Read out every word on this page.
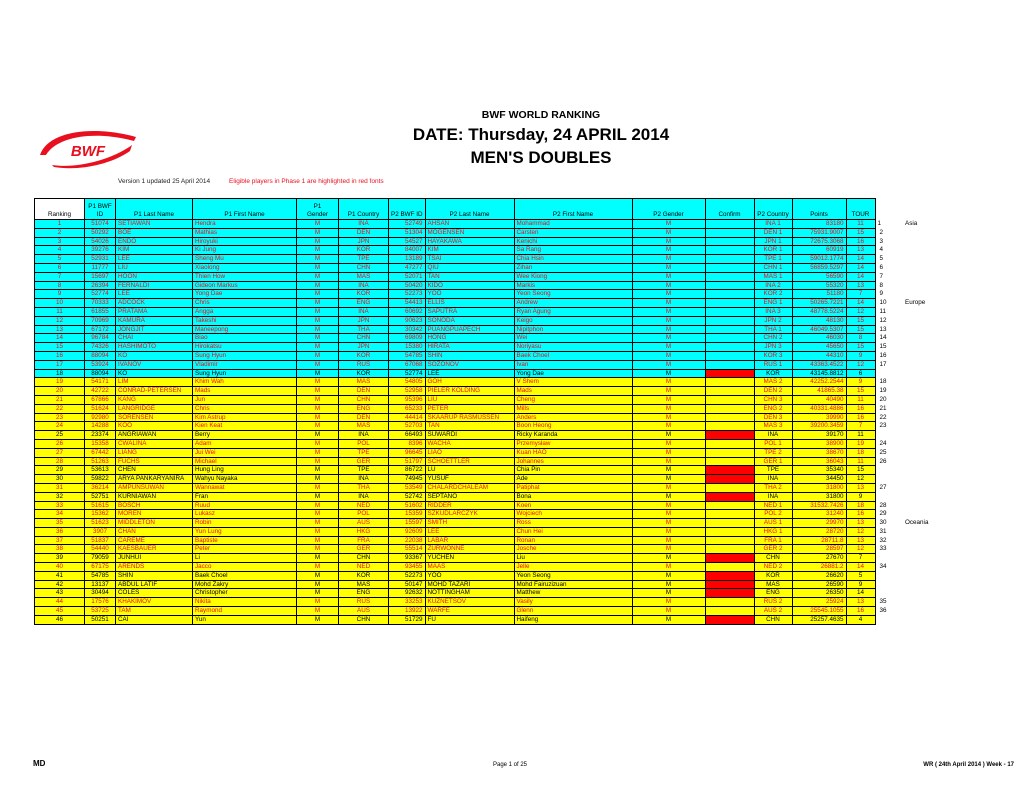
BWF
BWF WORLD RANKING
DATE: Thursday, 24 APRIL 2014
MEN'S DOUBLES
Version 1 updated 25 April 2014	Eligible players in Phase 1 are highlighted in red fonts
Ranking	P1 BWF
ID	P1 Last Name	P1 First Name	P1
Gender	P1 Country	P2 BWF ID	P2 Last Name	P2 First Name	P2 Gender	Confirm	P2 Country	Points	TOUR		
1	51074	SETIAWAN	Hendra	M	INA	52749	AHSAN	Mohammad	M		INA 1	83180	11	1	Asia
2	50292	BOE	Mathias	M	DEN	51304	MOGENSEN	Carsten	M		DEN 1	75931.9007	15	2	
3	54026	ENDO	Hiroyuki	M	JPN	54527	HAYAKAWA	Kenichi	M		JPN 1	72675.3068	16	3	
4	39276	KIM	Ki Jung	M	KOR	84007	KIM	Sa Rang	M		KOR 1	60919	13	4	
5	52931	LEE	Sheng Mu	M	TPE	13189	TSAI	Chia Hsin	M		TPE 1	59012.1774	14	5	
6	11777	LIU	Xiaolong	M	CHN	47277	QIU	Zihan	M		CHN 1	56859.5297	14	6	
7	15697	HOON	Thien How	M	MAS	52071	TAN	Wee Kiong	M		MAS 1	56590	14	7	
8	26394	FERNALDI	Gideon Markus	M	INA	50420	KIDO	Markis	M		INA 2	55320	13	8	
9	52774	LEE	Yong Dae	M	KOR	52273	YOO	Yeon Seong	M		KOR 2	51180	7	9	
10	70333	ADCOCK	Chris	M	ENG	54413	ELLIS	Andrew	M		ENG 1	50265.7221	14	10	Europe
11	61855	PRATAMA	Angga	M	INA	60692	SAPUTRA	Ryan Agung	M		INA 3	48778.5224	12	11	
12	70969	KAMURA	Takeshi	M	JPN	90623	SONODA	Keigo	M		JPN 2	48130	15	12	
13	67172	JONGJIT	Maneepong	M	THA	30342	PUANGPUAPECH	Nipitphon	M		THA 1	46049.5307	15	13	
14	96784	CHAI	Biao	M	CHN	69809	HONG	Wei	M		CHN 2	46030	8	14	
15	74326	HASHIMOTO	Hirokatsu	M	JPN	15380	HIRATA	Noriyasu	M		JPN 3	45650	15	15	
16	88094	KO	Sung Hyun	M	KOR	54785	SHIN	Baek Choel	M		KOR 3	44310	9	16	
17	53924	IVANOV	Vladimir	M	RUS	67068	SOZONOV	Ivan	M		RUS 1	43363.4522	12	17	
18	88094	KO	Sung Hyun	M	KOR	52774	LEE	Yong Dae	M		KOR	43145.8812	6		
19	54171	LIM	Khim Wah	M	MAS	54805	GOH	V Shem	M		MAS 2	42252.2544	9	18	
20	42722	CONRAD-PETERSEN	Mads	M	DEN	52958	PIELER KOLDING	Mads	M		DEN 2	41865.38	15	19	
21	67866	KANG	Jun	M	CHN	95396	LIU	Cheng	M		CHN 3	40490	11	20	
22	51624	LANGRIDGE	Chris	M	ENG	65233	PETER	Mills	M		ENG 2	40331.4886	16	21	
23	92980	SORENSEN	Kim Astrup	M	DEN	44414	SKAARUP RASMUSSEN	Anders	M		DEN 3	39990	16	22	
24	14288	KOO	Kien Keat	M	MAS	52703	TAN	Boon Heong	M		MAS 3	39200.3459	7	23	
25	23374	ANGRIAWAN	Berry	M	INA	66493	SUWARDI	Ricky Karanda	M		INA	39170	11		
26	15358	CWALINA	Adam	M	POL	8396	WACHA	Przemysław	M		POL 1	38900	19	24	
27	67442	LIANG	Jui Wei	M	TPE	96645	LIAO	Kuan HAO	M		TPE 2	38670	18	25	
28	51263	FUCHS	Michael	M	GER	51797	SCHOETTLER	Johannes	M		GER 1	36043	11	26	
29	53613	CHEN	Hung Ling	M	TPE	86722	LU	Chia Pin	M		TPE	35340	15		
30	59822	ARYA PANKARYANIRA	Wahyu Nayaka	M	INA	74945	YUSUF	Ade	M		INA	34450	12		
31	36214	AMPUNSUWAN	Wannawat	M	THA	53549	CHALARDCHALEAM	Patiphat	M		THA 2	31800	13	27	
32	52751	KURNIAWAN	Fran	M	INA	52742	SEPTANO	Bona	M		INA	31800	9		
33	51615	BOSCH	Ruud	M	NED	51602	RIDDER	Koen	M		NED 1	31532.7426	18	28	
34	15362	MOREN	Lukasz	M	POL	15359	SZKUDLARCZYK	Wojciech	M		POL 2	31240	16	29	
35	51623	MIDDLETON	Robin	M	AUS	15597	SMITH	Ross	M		AUS 1	29970	13	30	Oceania
36	3907	CHAN	Yun Lung	M	HKG	92609	LEE	Chun Hei	M		HKG 1	28720	12	31	
37	51837	CAREME	Baptiste	M	FRA	22038	LABAR	Ronan	M		FRA 1	28711.8	13	32	
38	54440	KAESBAUER	Peter	M	GER	55514	ZURWONNE	Josche	M		GER 2	28597	12	33	
39	79059	JUNHUI	Li	M	CHN	93367	YUCHEN	Liu	M		CHN	27670	7		
40	67175	ARENDS	Jacco	M	NED	93455	MAAS	Jelle	M		NED 2	26881.2	14	34	
41	54785	SHIN	Baek Choel	M	KOR	52273	YOO	Yeon Seong	M		KOR	26620	5		
42	13137	ABDUL LATIF	Mohd Zakry	M	MAS	50147	MOHD TAZARI	Mohd Fairuzizuan	M		MAS	26590	9		
43	30494	COLES	Christopher	M	ENG	92632	NOTTINGHAM	Matthew	M		ENG	26350	14		
44	17576	KHAKIMOV	Nikita	M	RUS	33253	KUZNETSOV	Vasily	M		RUS 2	25924	13	35	
45	53725	TAM	Raymond	M	AUS	13922	WARFE	Glenn	M		AUS 2	25545.1055	16	36	
46	50251	CAI	Yun	M	CHN	51729	FU	Haifeng	M		CHN	25257.4635	4		
MD	Page 1 of 25	WR ( 24th April 2014 ) Week - 17
